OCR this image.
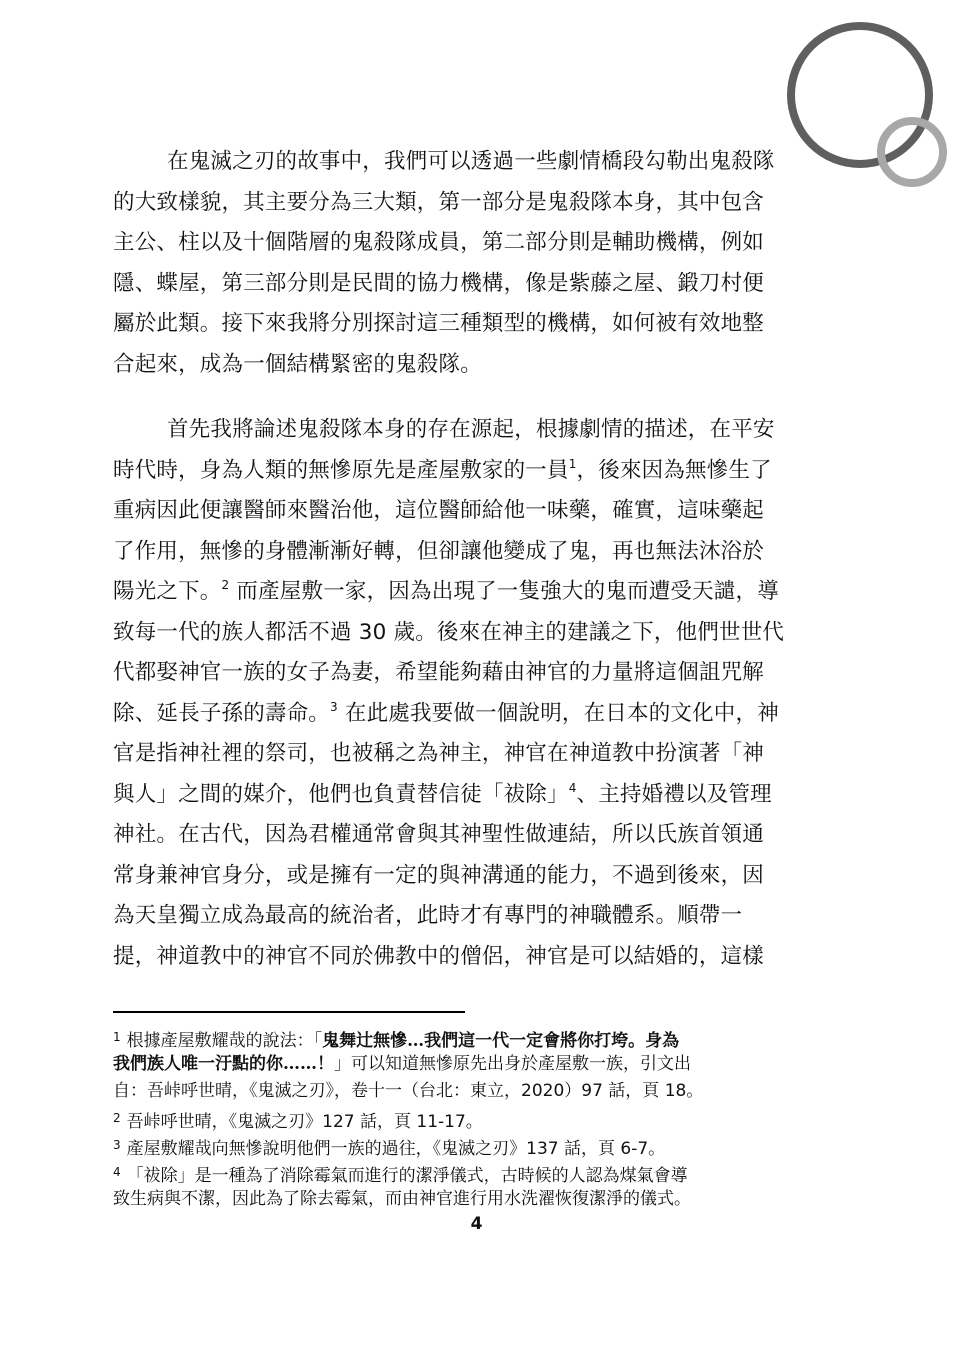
在鬼滅之刃的故事中，我們可以透過一些劇情橋段勾勒出鬼殺隊
的大致樣貌，其主要分為三大類，第一部分是鬼殺隊本身，其中包含
主公、柱以及十個階層的鬼殺隊成員，第二部分則是輔助機構，例如
隱、蝶屋，第三部分則是民間的協力機構，像是紫藤之屋、鍛刀村便
屬於此類。接下來我將分別探討這三種類型的機構，如何被有效地整
合起來，成為一個結構緊密的鬼殺隊。
首先我將論述鬼殺隊本身的存在源起，根據劇情的描述，在平安
時代時，身為人類的無慘原先是產屋敷家的一員$^1$，後來因為無慘生了
重病因此便讓醫師來醫治他，這位醫師給他一味藥，確實，這味藥起
了作用，無慘的身體漸漸好轉，但卻讓他變成了鬼，再也無法沐浴於
陽光之下。$^2$ 而產屋敷一家，因為出現了一隻強大的鬼而遭受天譴，導
致每一代的族人都活不過 30 歲。後來在神主的建議之下，他們世世代
代都娶神官一族的女子為妻，希望能夠藉由神官的力量將這個詛咒解
除、延長子孫的壽命。$^3$ 在此處我要做一個說明，在日本的文化中，神
官是指神社裡的祭司，也被稱之為神主，神官在神道教中扮演著「神
與人」之間的媒介，他們也負責替信徒「祓除」$^4$、主持婚禮以及管理
神社。在古代，因為君權通常會與其神聖性做連結，所以氏族首領通
常身兼神官身分，或是擁有一定的與神溝通的能力，不過到後來，因
為天皇獨立成為最高的統治者，此時才有專門的神職體系。順帶一
提，神道教中的神官不同於佛教中的僧侶，神官是可以結婚的，這樣
$^1$ 根據產屋敷耀哉的說法：「鬼舞辻無慘…我們這一代一定會將你打垮。身為
我們族人唯一汙點的你……！」可以知道無慘原先出身於產屋敷一族，引文出
自：吾峠呼世晴，《鬼滅之刃》，卷十一（台北：東立，2020）97 話，頁 18。
$^2$ 吾峠呼世晴，《鬼滅之刃》127 話，頁 11-17。
$^3$ 產屋敷耀哉向無慘說明他們一族的過往，《鬼滅之刃》137 話，頁 6-7。
$^4$ 「祓除」是一種為了消除霉氣而進行的潔淨儀式，古時候的人認為煤氣會導
致生病與不潔，因此為了除去霉氣，而由神官進行用水洗濯恢復潔淨的儀式。
4
